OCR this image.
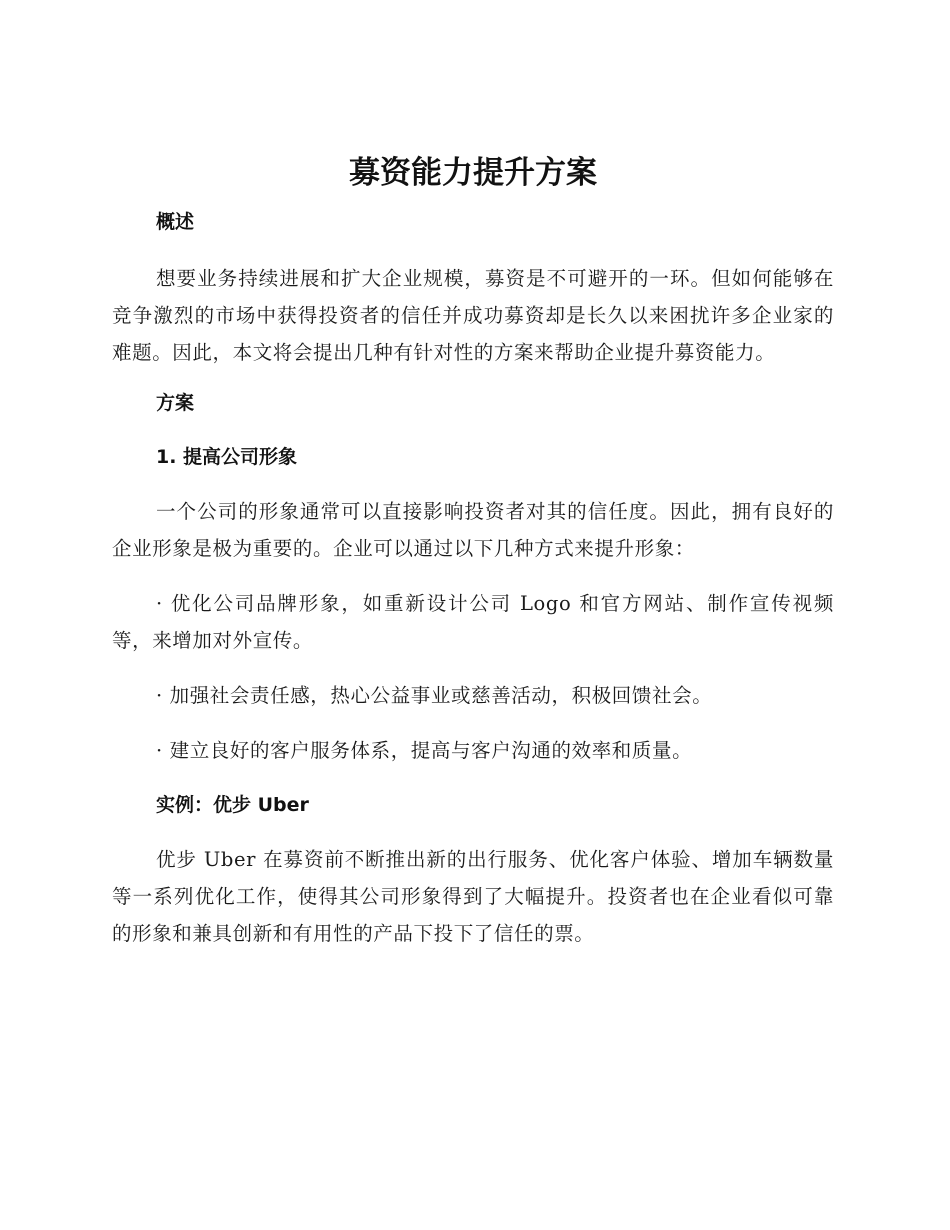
募资能力提升方案
概述

想要业务持续进展和扩大企业规模，募资是不可避开的一环。但如何能够在竞争激烈的市场中获得投资者的信任并成功募资却是长久以来困扰许多企业家的难题。因此，本文将会提出几种有针对性的方案来帮助企业提升募资能力。

方案
1. 提高公司形象

一个公司的形象通常可以直接影响投资者对其的信任度。因此，拥有良好的企业形象是极为重要的。企业可以通过以下几种方式来提升形象：

· 优化公司品牌形象，如重新设计公司 Logo 和官方网站、制作宣传视频等，来增加对外宣传。

· 加强社会责任感，热心公益事业或慈善活动，积极回馈社会。

· 建立良好的客户服务体系，提高与客户沟通的效率和质量。

实例：优步 Uber

优步 Uber 在募资前不断推出新的出行服务、优化客户体验、增加车辆数量等一系列优化工作，使得其公司形象得到了大幅提升。投资者也在企业看似可靠的形象和兼具创新和有用性的产品下投下了信任的票。
